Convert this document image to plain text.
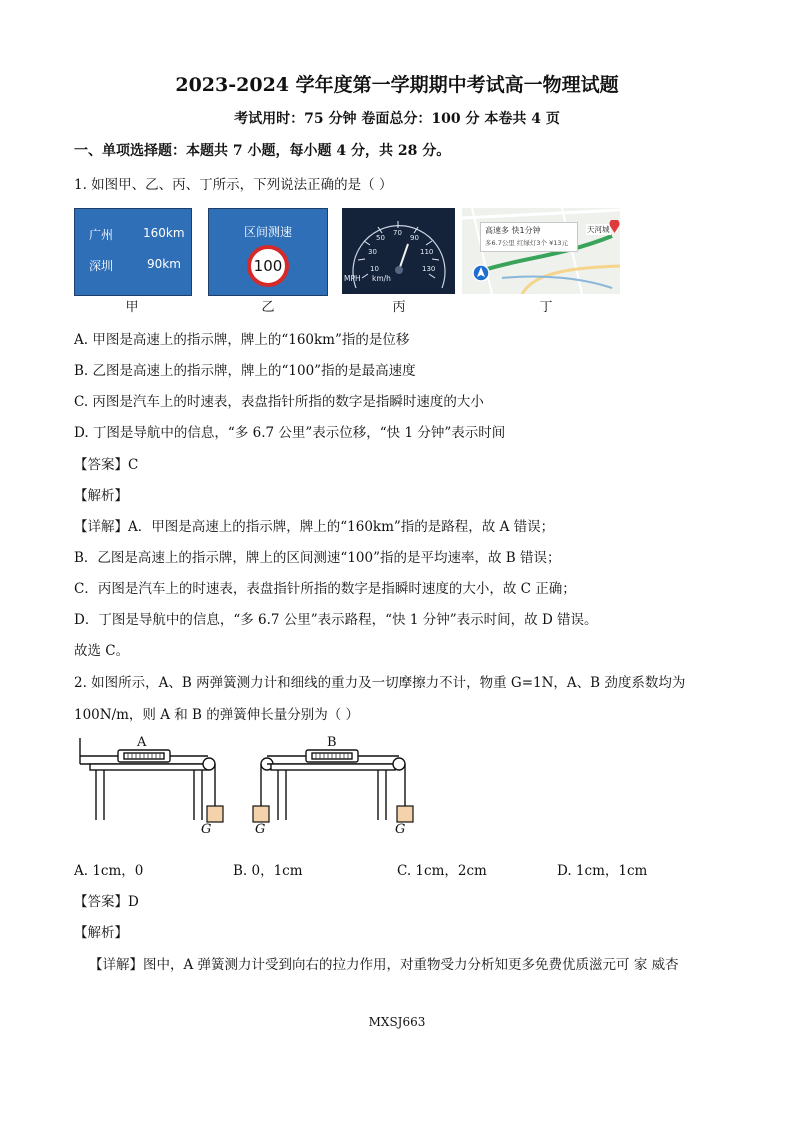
2023-2024 学年度第一学期期中考试高一物理试题
考试用时：75 分钟 卷面总分：100 分 本卷共 4 页
一、单项选择题：本题共 7 小题，每小题 4 分，共 28 分。
1. 如图甲、乙、丙、丁所示，下列说法正确的是（ ）
广州 160km
深圳	90km
甲
区间测速
100
乙
10
30
50
70
90
110
130
MPH km/h
丙
高速多 快1分钟
多6.7公里 红绿灯3个 ¥13元
天河城
丁
A. 甲图是高速上的指示牌，牌上的“160km”指的是位移
B. 乙图是高速上的指示牌，牌上的“100”指的是最高速度
C. 丙图是汽车上的时速表，表盘指针所指的数字是指瞬时速度的大小
D. 丁图是导航中的信息，“多 6.7 公里”表示位移，“快 1 分钟”表示时间
【答案】C
【解析】
【详解】A．甲图是高速上的指示牌，牌上的“160km”指的是路程，故 A 错误；
B．乙图是高速上的指示牌，牌上的区间测速“100”指的是平均速率，故 B 错误；
C．丙图是汽车上的时速表，表盘指针所指的数字是指瞬时速度的大小，故 C 正确；
D．丁图是导航中的信息，“多 6.7 公里”表示路程，“快 1 分钟”表示时间，故 D 错误。
故选 C。
2. 如图所示，A、B 两弹簧测力计和细线的重力及一切摩擦力不计，物重 G=1N，A、B 劲度系数均为
100N/m，则 A 和 B 的弹簧伸长量分别为（ ）
A	B
G	G	G
A. 1cm，0	B. 0，1cm	C. 1cm，2cm	D. 1cm，1cm
【答案】D
【解析】
【详解】图中，A 弹簧测力计受到向右的拉力作用，对重物受力分析知更多免费优质滋元可 家 威杏
MXSJ663
